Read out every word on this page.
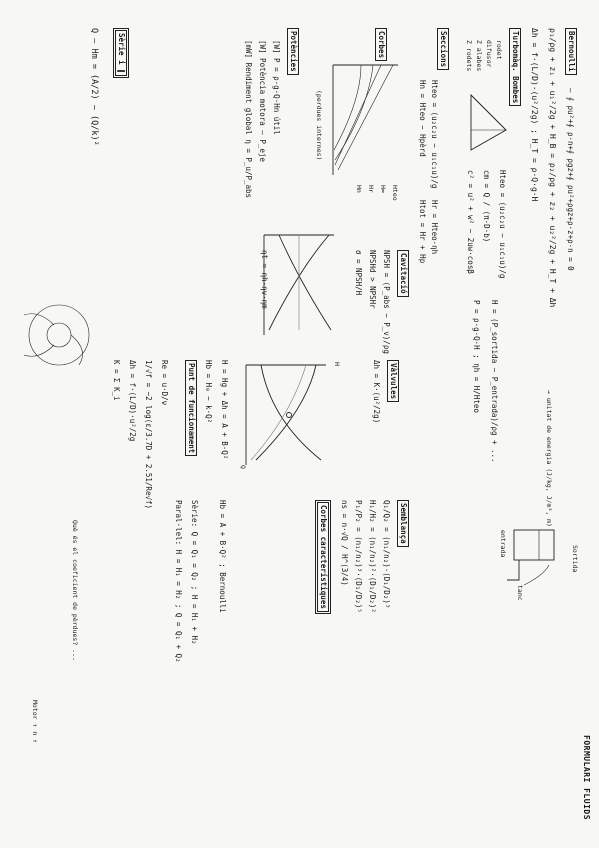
FORMULARI FLUIDS
Bernoulli
— ∮ ρu²+∮ ρ·n+∮ ρgz+∮ ρu²+ρgz+ρ·z+ρ·n = 0
ρ₁/ρg + z₁ + u₁²/2g + H_B = ρ₂/ρg + z₂ + u₂²/2g + H_T + Δh
Δh = f·(L/D)·(u²/2g) ; H_T = ρ·Q·g·H
→ unitat de energia (J/kg, J/m³, m)
Sortida
entrada
tanc
Turbomàq. Bombes
rodet
difusor
Z alabes
Z rodets
Hteo = (u₂c₂u − u₁c₁u)/g
cm = Q / (π·D·b)
c² = u² + w² − 2uw·cosβ
H = (P_sortida − P_entrada)/ρg + ...
P = ρ·g·Q·H ; ηh = H/Hteo
Seccions
Hteo = (u₂c₂u − u₁c₁u)/g
Hn = Hteo − Hpèrd
Hr = Hteo·ηh
Htot = Hr + Hp
Corbes
Hteo
H∞
Hr
Hn
(perdues internes)
Potències
[W] P = ρ·g·Q·Hn útil
[W] Potència motora — P_eje
[mW] Rendiment global η = P_u/P_abs
ηt = ηh·ηv·ηm	Cavitació
NPSH = (P_abs − P_v)/ρg
NPSHd > NPSHr
σ = NPSH/H
Semblança
Q₁/Q₂ = (n₁/n₂)·(D₁/D₂)³
H₁/H₂ = (n₁/n₂)²·(D₁/D₂)²
P₁/P₂ = (n₁/n₂)³·(D₁/D₂)⁵
ns = n·√Q / H^(3/4)
Corbes característiques
H
Q
Vàlvules
Δh = K·(u²/2g)
H = Hg + Δh = A + B·Q²
Hb = H₀ − k·Q²
Punt de funcionament
Hb = A + B·Q² ; Bernoulli
Sèrie: Q = Q₁ = Q₂ ; H = H₁ + H₂
Paral·lel: H = H₁ = H₂ ; Q = Q₁ + Q₂
Re = u·D/ν
1/√f = −2 log(ε/3.7D + 2.51/Re√f)
Δh = f·(L/D)·u²/2g
K = Σ K_i
Sèrie i ∥
Q — Hm = (A/2) − (Q/k)²
Què és el coeficient de pèrdues? ...
Motor ↑ n ↑
